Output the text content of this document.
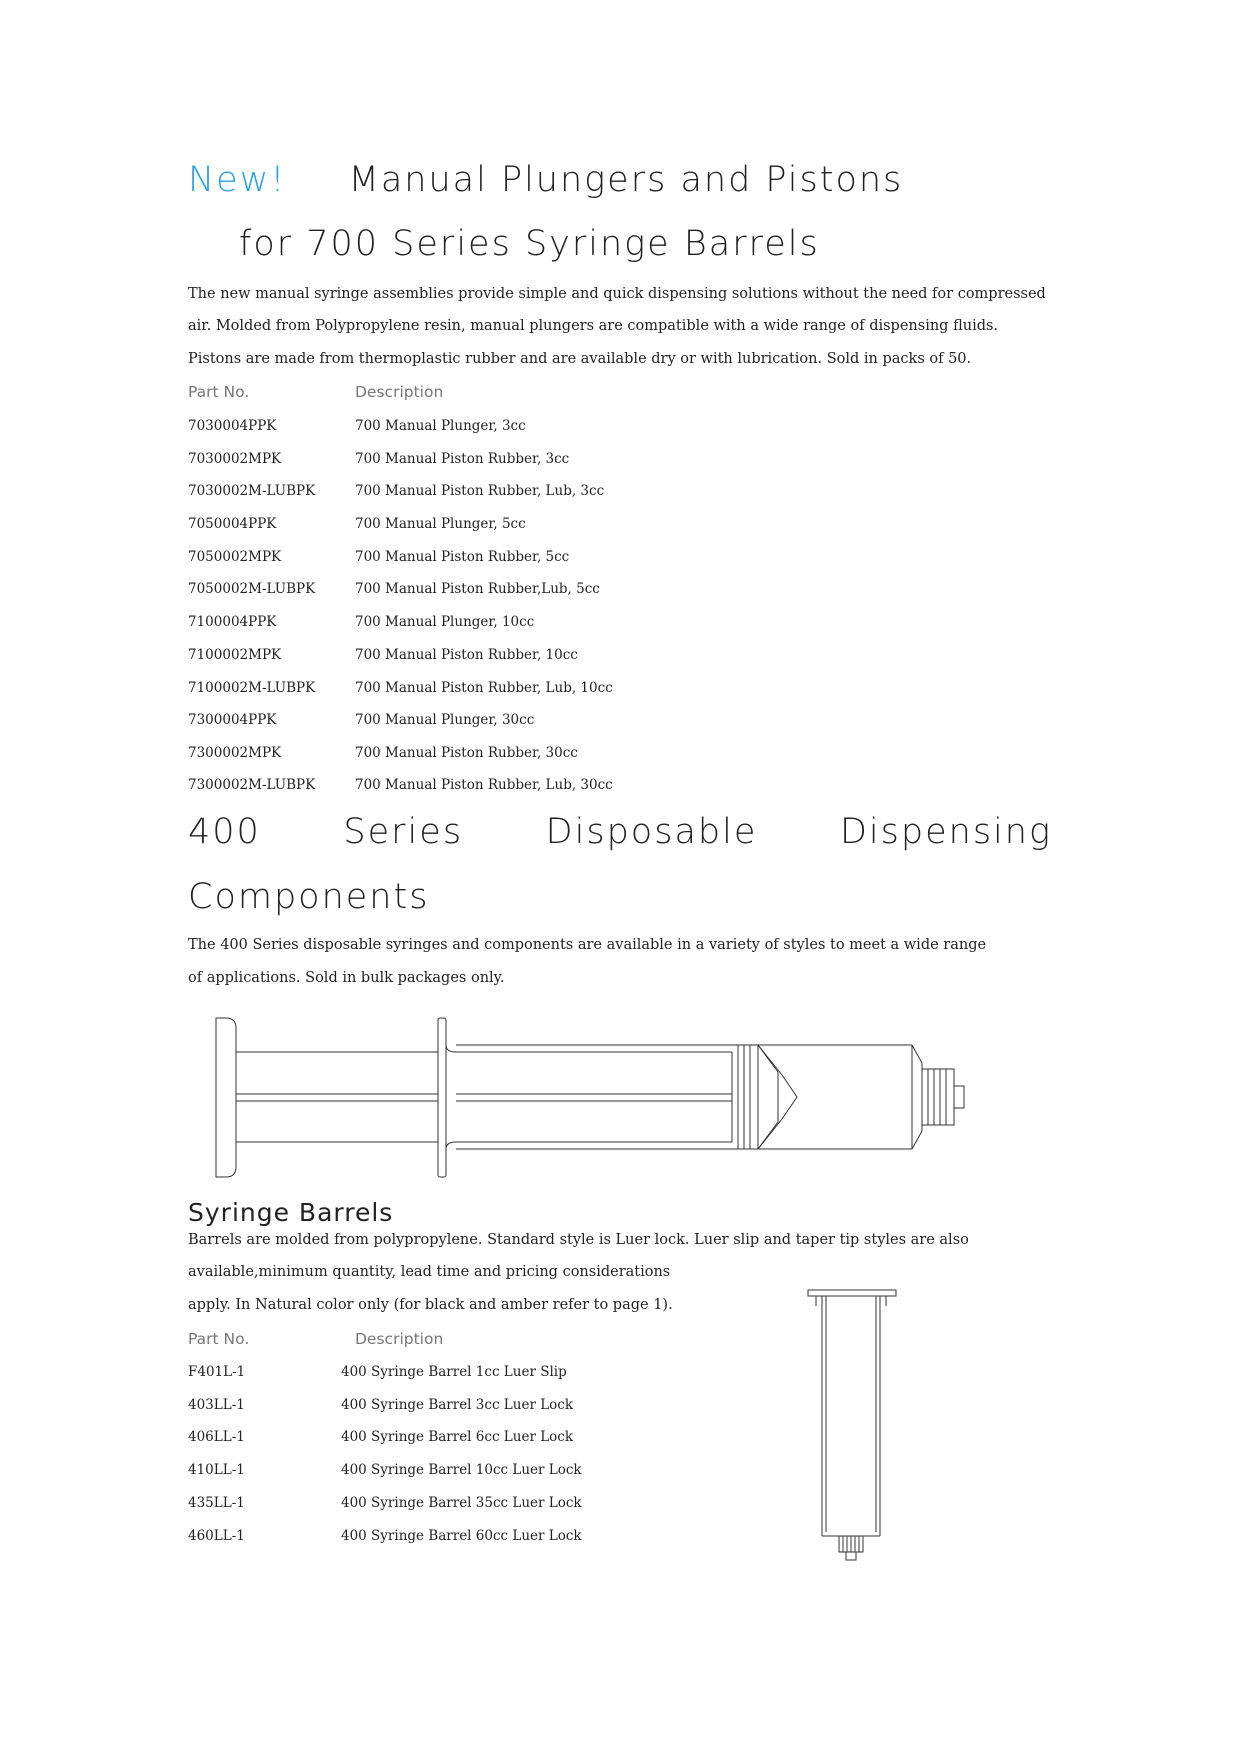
New! Manual Plungers and Pistons
for 700 Series Syringe Barrels
The new manual syringe assemblies provide simple and quick dispensing solutions without the need for compressed
air. Molded from Polypropylene resin, manual plungers are compatible with a wide range of dispensing fluids.
Pistons are made from thermoplastic rubber and are available dry or with lubrication. Sold in packs of 50.
Part No.	Description
7030004PPK	700 Manual Plunger, 3cc
7030002MPK	700 Manual Piston Rubber, 3cc
7030002M-LUBPK	700 Manual Piston Rubber, Lub, 3cc
7050004PPK	700 Manual Plunger, 5cc
7050002MPK	700 Manual Piston Rubber, 5cc
7050002M-LUBPK	700 Manual Piston Rubber,Lub, 5cc
7100004PPK	700 Manual Plunger, 10cc
7100002MPK	700 Manual Piston Rubber, 10cc
7100002M-LUBPK	700 Manual Piston Rubber, Lub, 10cc
7300004PPK	700 Manual Plunger, 30cc
7300002MPK	700 Manual Piston Rubber, 30cc
7300002M-LUBPK	700 Manual Piston Rubber, Lub, 30cc
400 Series Disposable Dispensing
Components
The 400 Series disposable syringes and components are available in a variety of styles to meet a wide range
of applications. Sold in bulk packages only.
Syringe Barrels
Barrels are molded from polypropylene. Standard style is Luer lock. Luer slip and taper tip styles are also
available,minimum quantity, lead time and pricing considerations
apply. In Natural color only (for black and amber refer to page 1).
Part No.	Description
F401L-1	400 Syringe Barrel 1cc Luer Slip
403LL-1	400 Syringe Barrel 3cc Luer Lock
406LL-1	400 Syringe Barrel 6cc Luer Lock
410LL-1	400 Syringe Barrel 10cc Luer Lock
435LL-1	400 Syringe Barrel 35cc Luer Lock
460LL-1	400 Syringe Barrel 60cc Luer Lock
